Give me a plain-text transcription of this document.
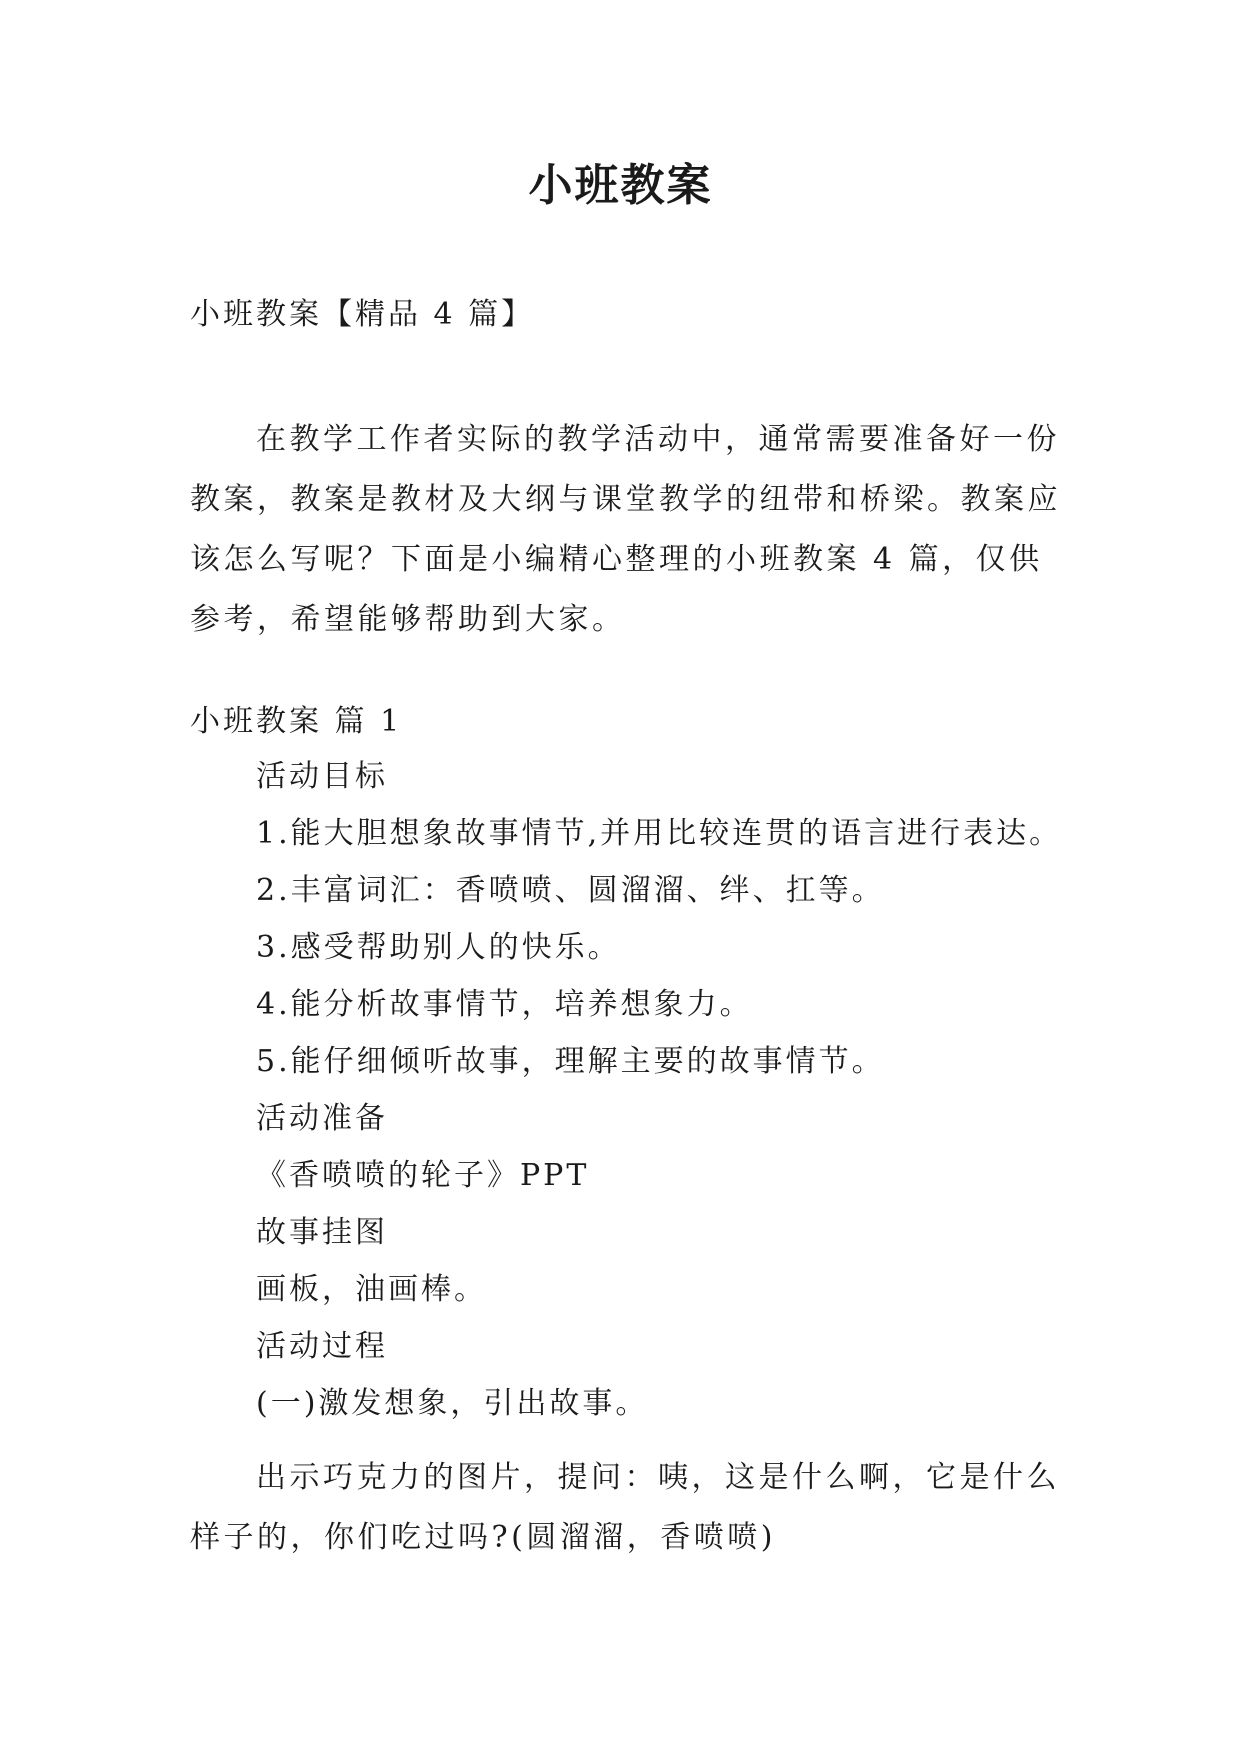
小班教案
小班教案【精品 4 篇】
在教学工作者实际的教学活动中，通常需要准备好一份教案，教案是教材及大纲与课堂教学的纽带和桥梁。教案应该怎么写呢？下面是小编精心整理的小班教案 4 篇，仅供参考，希望能够帮助到大家。
小班教案 篇 1
活动目标
1.能大胆想象故事情节,并用比较连贯的语言进行表达。
2.丰富词汇：香喷喷、圆溜溜、绊、扛等。
3.感受帮助别人的快乐。
4.能分析故事情节，培养想象力。
5.能仔细倾听故事，理解主要的故事情节。
活动准备
《香喷喷的轮子》PPT
故事挂图
画板，油画棒。
活动过程
(一)激发想象，引出故事。
出示巧克力的图片，提问：咦，这是什么啊，它是什么样子的，你们吃过吗?(圆溜溜，香喷喷)
